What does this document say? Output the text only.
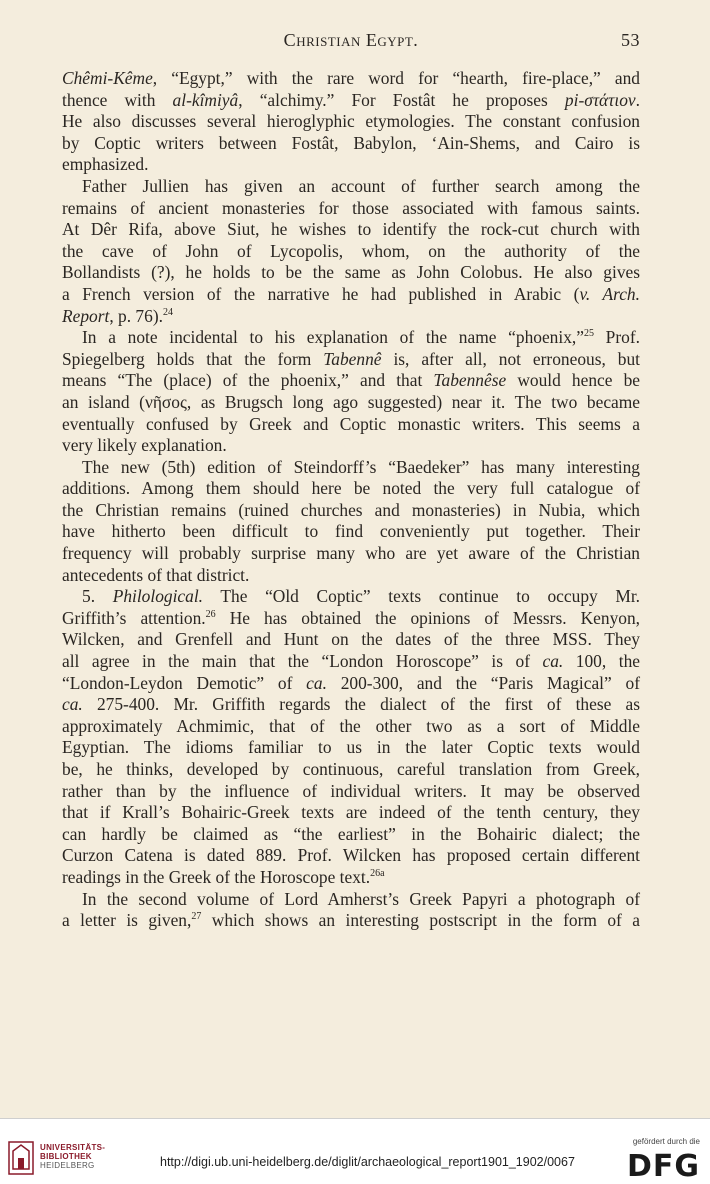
Christian Egypt.	53

Chêmi-Kême, “Egypt,” with the rare word for “hearth, fire-place,” and
thence with al-kîmiyâ, “alchimy.” For Fostât he proposes pi-στάτιον.
He also discusses several hieroglyphic etymologies. The constant confusion
by Coptic writers between Fostât, Babylon, ‘Ain-Shems, and Cairo is
emphasized.

Father Jullien has given an account of further search among the
remains of ancient monasteries for those associated with famous saints.
At Dêr Rifa, above Siut, he wishes to identify the rock-cut church with
the cave of John of Lycopolis, whom, on the authority of the
Bollandists (?), he holds to be the same as John Colobus. He also gives
a French version of the narrative he had published in Arabic (v. Arch.
Report, p. 76).$^{24}$

In a note incidental to his explanation of the name “phoenix,”$^{25}$ Prof.
Spiegelberg holds that the form Tabennê is, after all, not erroneous, but
means “The (place) of the phoenix,” and that Tabennêse would hence be
an island (νῆσος, as Brugsch long ago suggested) near it. The two became
eventually confused by Greek and Coptic monastic writers. This seems a
very likely explanation.

The new (5th) edition of Steindorff’s “Baedeker” has many interesting
additions. Among them should here be noted the very full catalogue of
the Christian remains (ruined churches and monasteries) in Nubia, which
have hitherto been difficult to find conveniently put together. Their
frequency will probably surprise many who are yet aware of the Christian
antecedents of that district.

5. Philological. The “Old Coptic” texts continue to occupy Mr.
Griffith’s attention.$^{26}$ He has obtained the opinions of Messrs. Kenyon,
Wilcken, and Grenfell and Hunt on the dates of the three MSS. They
all agree in the main that the “London Horoscope” is of ca. 100, the
“London-Leydon Demotic” of ca. 200-300, and the “Paris Magical” of
ca. 275-400. Mr. Griffith regards the dialect of the first of these as
approximately Achmimic, that of the other two as a sort of Middle
Egyptian. The idioms familiar to us in the later Coptic texts would
be, he thinks, developed by continuous, careful translation from Greek,
rather than by the influence of individual writers. It may be observed
that if Krall’s Bohairic-Greek texts are indeed of the tenth century, they
can hardly be claimed as “the earliest” in the Bohairic dialect; the
Curzon Catena is dated 889. Prof. Wilcken has proposed certain different
readings in the Greek of the Horoscope text.$^{26a}$

In the second volume of Lord Amherst’s Greek Papyri a photograph of
a letter is given,$^{27}$ which shows an interesting postscript in the form of a

UNIVERSITÄTS-
BIBLIOTHEK
HEIDELBERG	http://digi.ub.uni-heidelberg.de/diglit/archaeological_report1901_1902/0067
gefördert durch die
DFG
